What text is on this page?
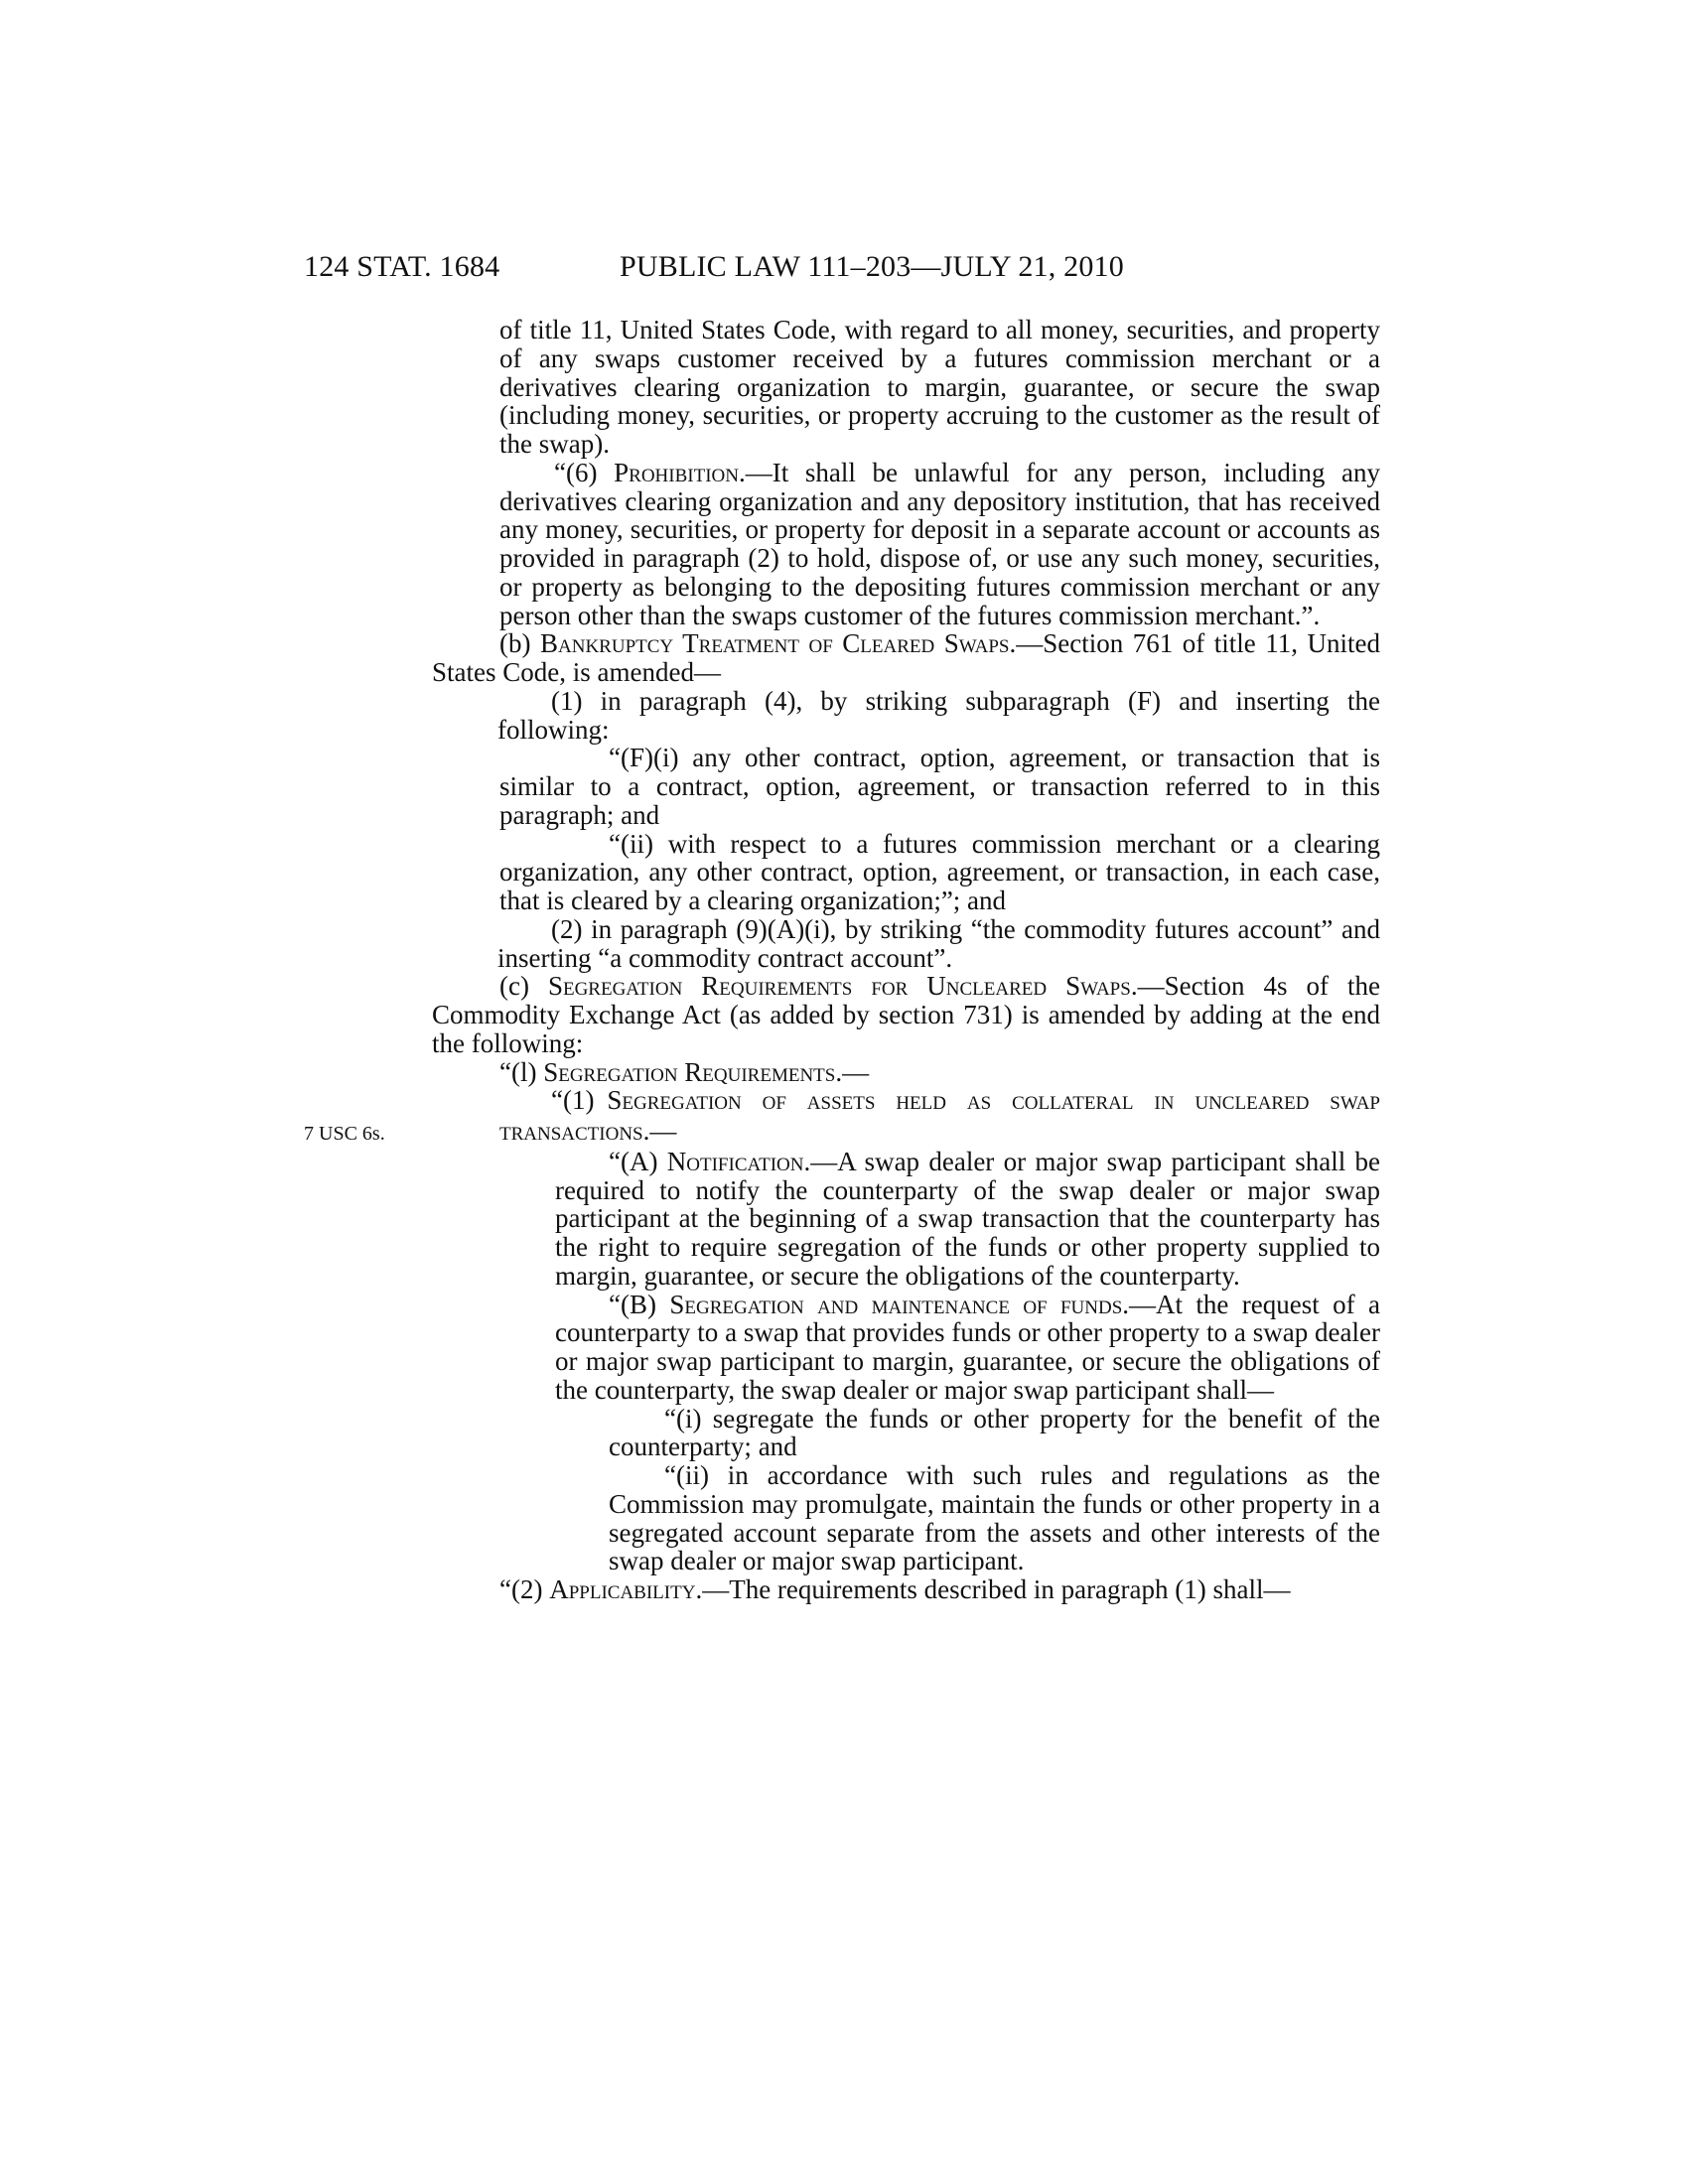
124 STAT. 1684	PUBLIC LAW 111–203—JULY 21, 2010
7 USC 6s.

of title 11, United States Code, with regard to all money, securities, and property of any swaps customer received by a futures commission merchant or a derivatives clearing organization to margin, guarantee, or secure the swap (including money, securities, or property accruing to the customer as the result of the swap).

“(6) Prohibition.—It shall be unlawful for any person, including any derivatives clearing organization and any depository institution, that has received any money, securities, or property for deposit in a separate account or accounts as provided in paragraph (2) to hold, dispose of, or use any such money, securities, or property as belonging to the depositing futures commission merchant or any person other than the swaps customer of the futures commission merchant.”.

(b) Bankruptcy Treatment of Cleared Swaps.—Section 761 of title 11, United States Code, is amended—

(1) in paragraph (4), by striking subparagraph (F) and inserting the following:

“(F)(i) any other contract, option, agreement, or transaction that is similar to a contract, option, agreement, or transaction referred to in this paragraph; and

“(ii) with respect to a futures commission merchant or a clearing organization, any other contract, option, agreement, or transaction, in each case, that is cleared by a clearing organization;”; and

(2) in paragraph (9)(A)(i), by striking “the commodity futures account” and inserting “a commodity contract account”.

(c) Segregation Requirements for Uncleared Swaps.—Section 4s of the Commodity Exchange Act (as added by section 731) is amended by adding at the end the following:

“(l) Segregation Requirements.—

“(1) Segregation of assets held as collateral in uncleared swap transactions.—

“(A) Notification.—A swap dealer or major swap participant shall be required to notify the counterparty of the swap dealer or major swap participant at the beginning of a swap transaction that the counterparty has the right to require segregation of the funds or other property supplied to margin, guarantee, or secure the obligations of the counterparty.

“(B) Segregation and maintenance of funds.—At the request of a counterparty to a swap that provides funds or other property to a swap dealer or major swap participant to margin, guarantee, or secure the obligations of the counterparty, the swap dealer or major swap participant shall—

“(i) segregate the funds or other property for the benefit of the counterparty; and

“(ii) in accordance with such rules and regulations as the Commission may promulgate, maintain the funds or other property in a segregated account separate from the assets and other interests of the swap dealer or major swap participant.

“(2) Applicability.—The requirements described in paragraph (1) shall—
